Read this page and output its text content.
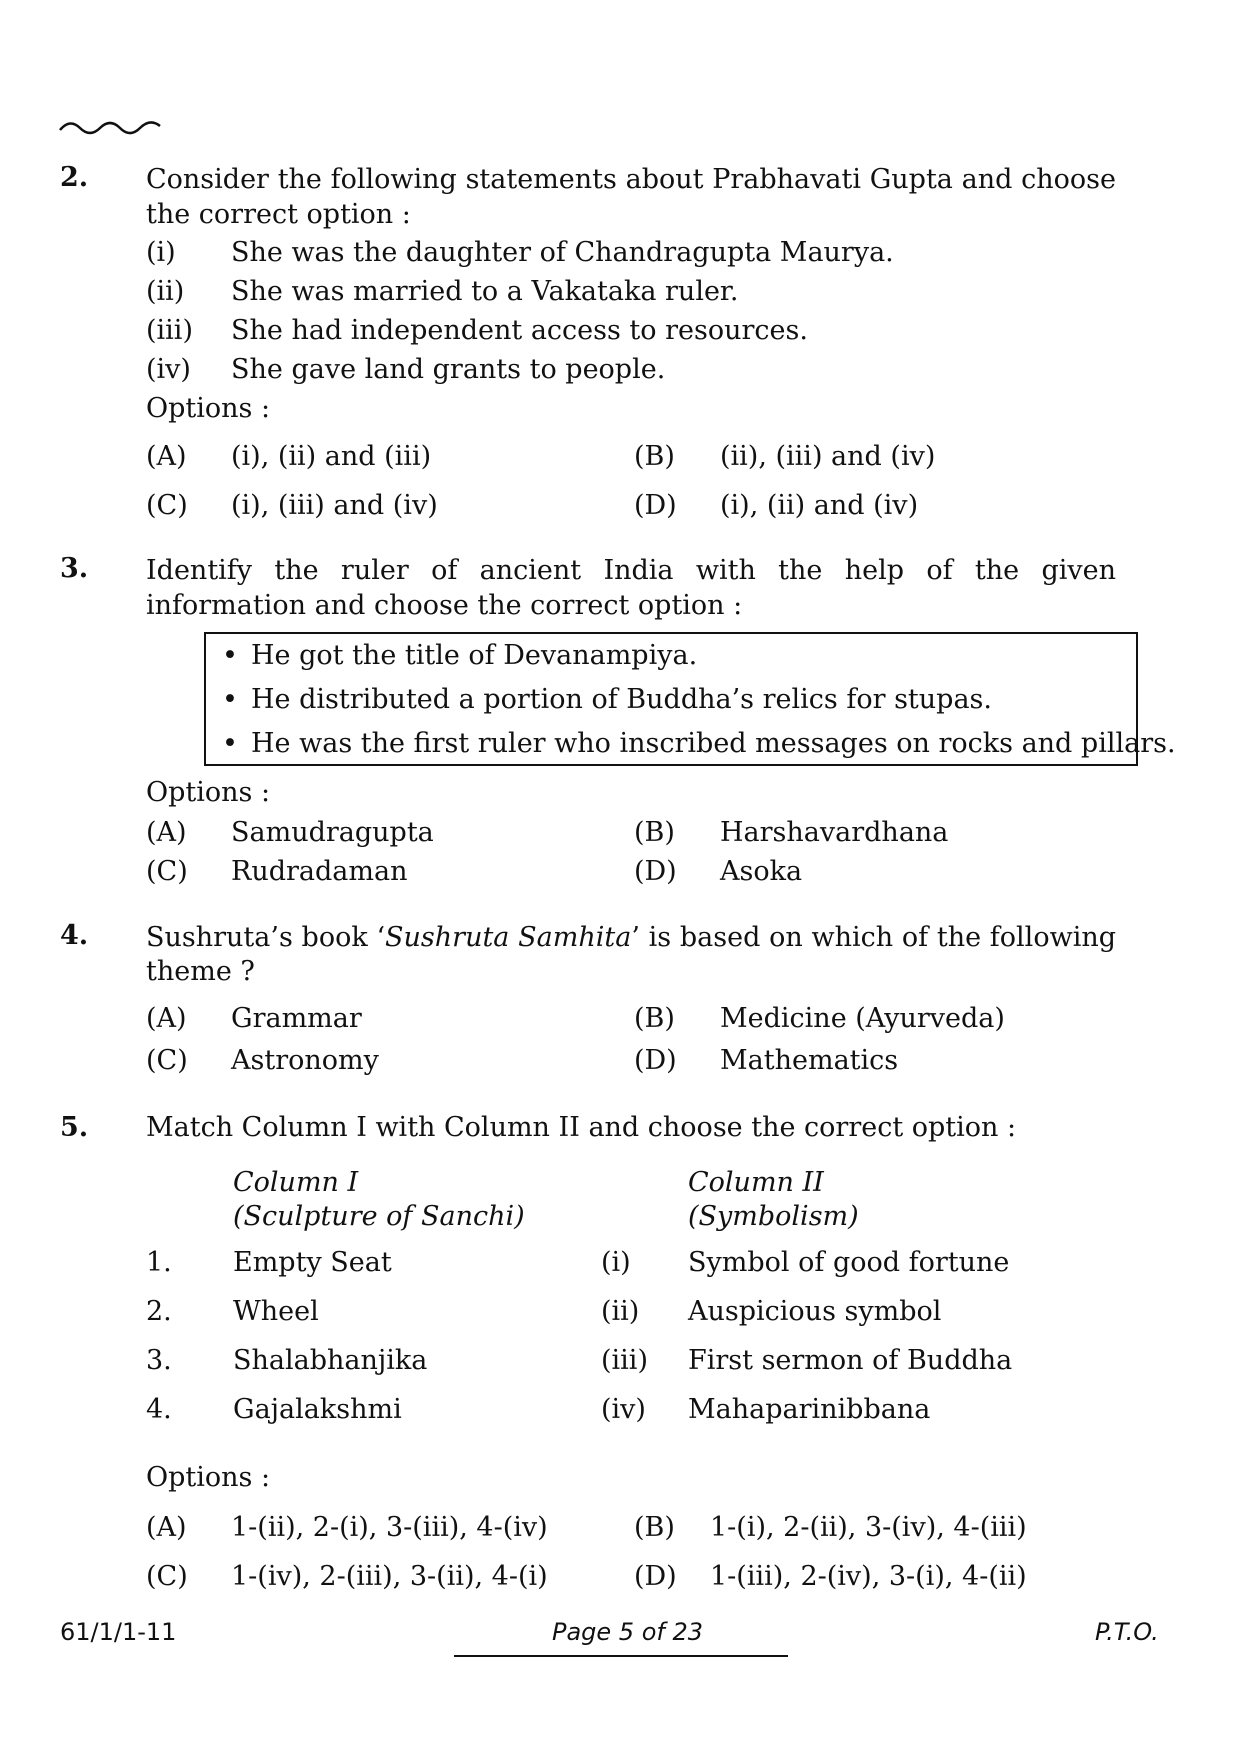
2. Consider the following statements about Prabhavati Gupta and choose the correct option :
(i) She was the daughter of Chandragupta Maurya.
(ii) She was married to a Vakataka ruler.
(iii) She had independent access to resources.
(iv) She gave land grants to people.
Options :
(A) (i), (ii) and (iii)	(B) (ii), (iii) and (iv)
(C) (i), (iii) and (iv)	(D) (i), (ii) and (iv)
3. Identify the ruler of ancient India with the help of the given information and choose the correct option :
• He got the title of Devanampiya.
• He distributed a portion of Buddha’s relics for stupas.
• He was the first ruler who inscribed messages on rocks and pillars.
Options :
(A) Samudragupta	(B) Harshavardhana
(C) Rudradaman	(D) Asoka
4. Sushruta’s book ‘Sushruta Samhita’ is based on which of the following
theme ?
(A) Grammar	(B) Medicine (Ayurveda)
(C) Astronomy	(D) Mathematics
5. Match Column I with Column II and choose the correct option :
Column I
(Sculpture of Sanchi)
Column II
(Symbolism)
1. Empty Seat	(i) Symbol of good fortune
2. Wheel	(ii) Auspicious symbol
3. Shalabhanjika	(iii) First sermon of Buddha
4. Gajalakshmi	(iv) Mahaparinibbana
Options :
(A) 1-(ii), 2-(i), 3-(iii), 4-(iv)	(B) 1-(i), 2-(ii), 3-(iv), 4-(iii)
(C) 1-(iv), 2-(iii), 3-(ii), 4-(i)	(D) 1-(iii), 2-(iv), 3-(i), 4-(ii)
61/1/1-11	Page 5 of 23	P.T.O.
